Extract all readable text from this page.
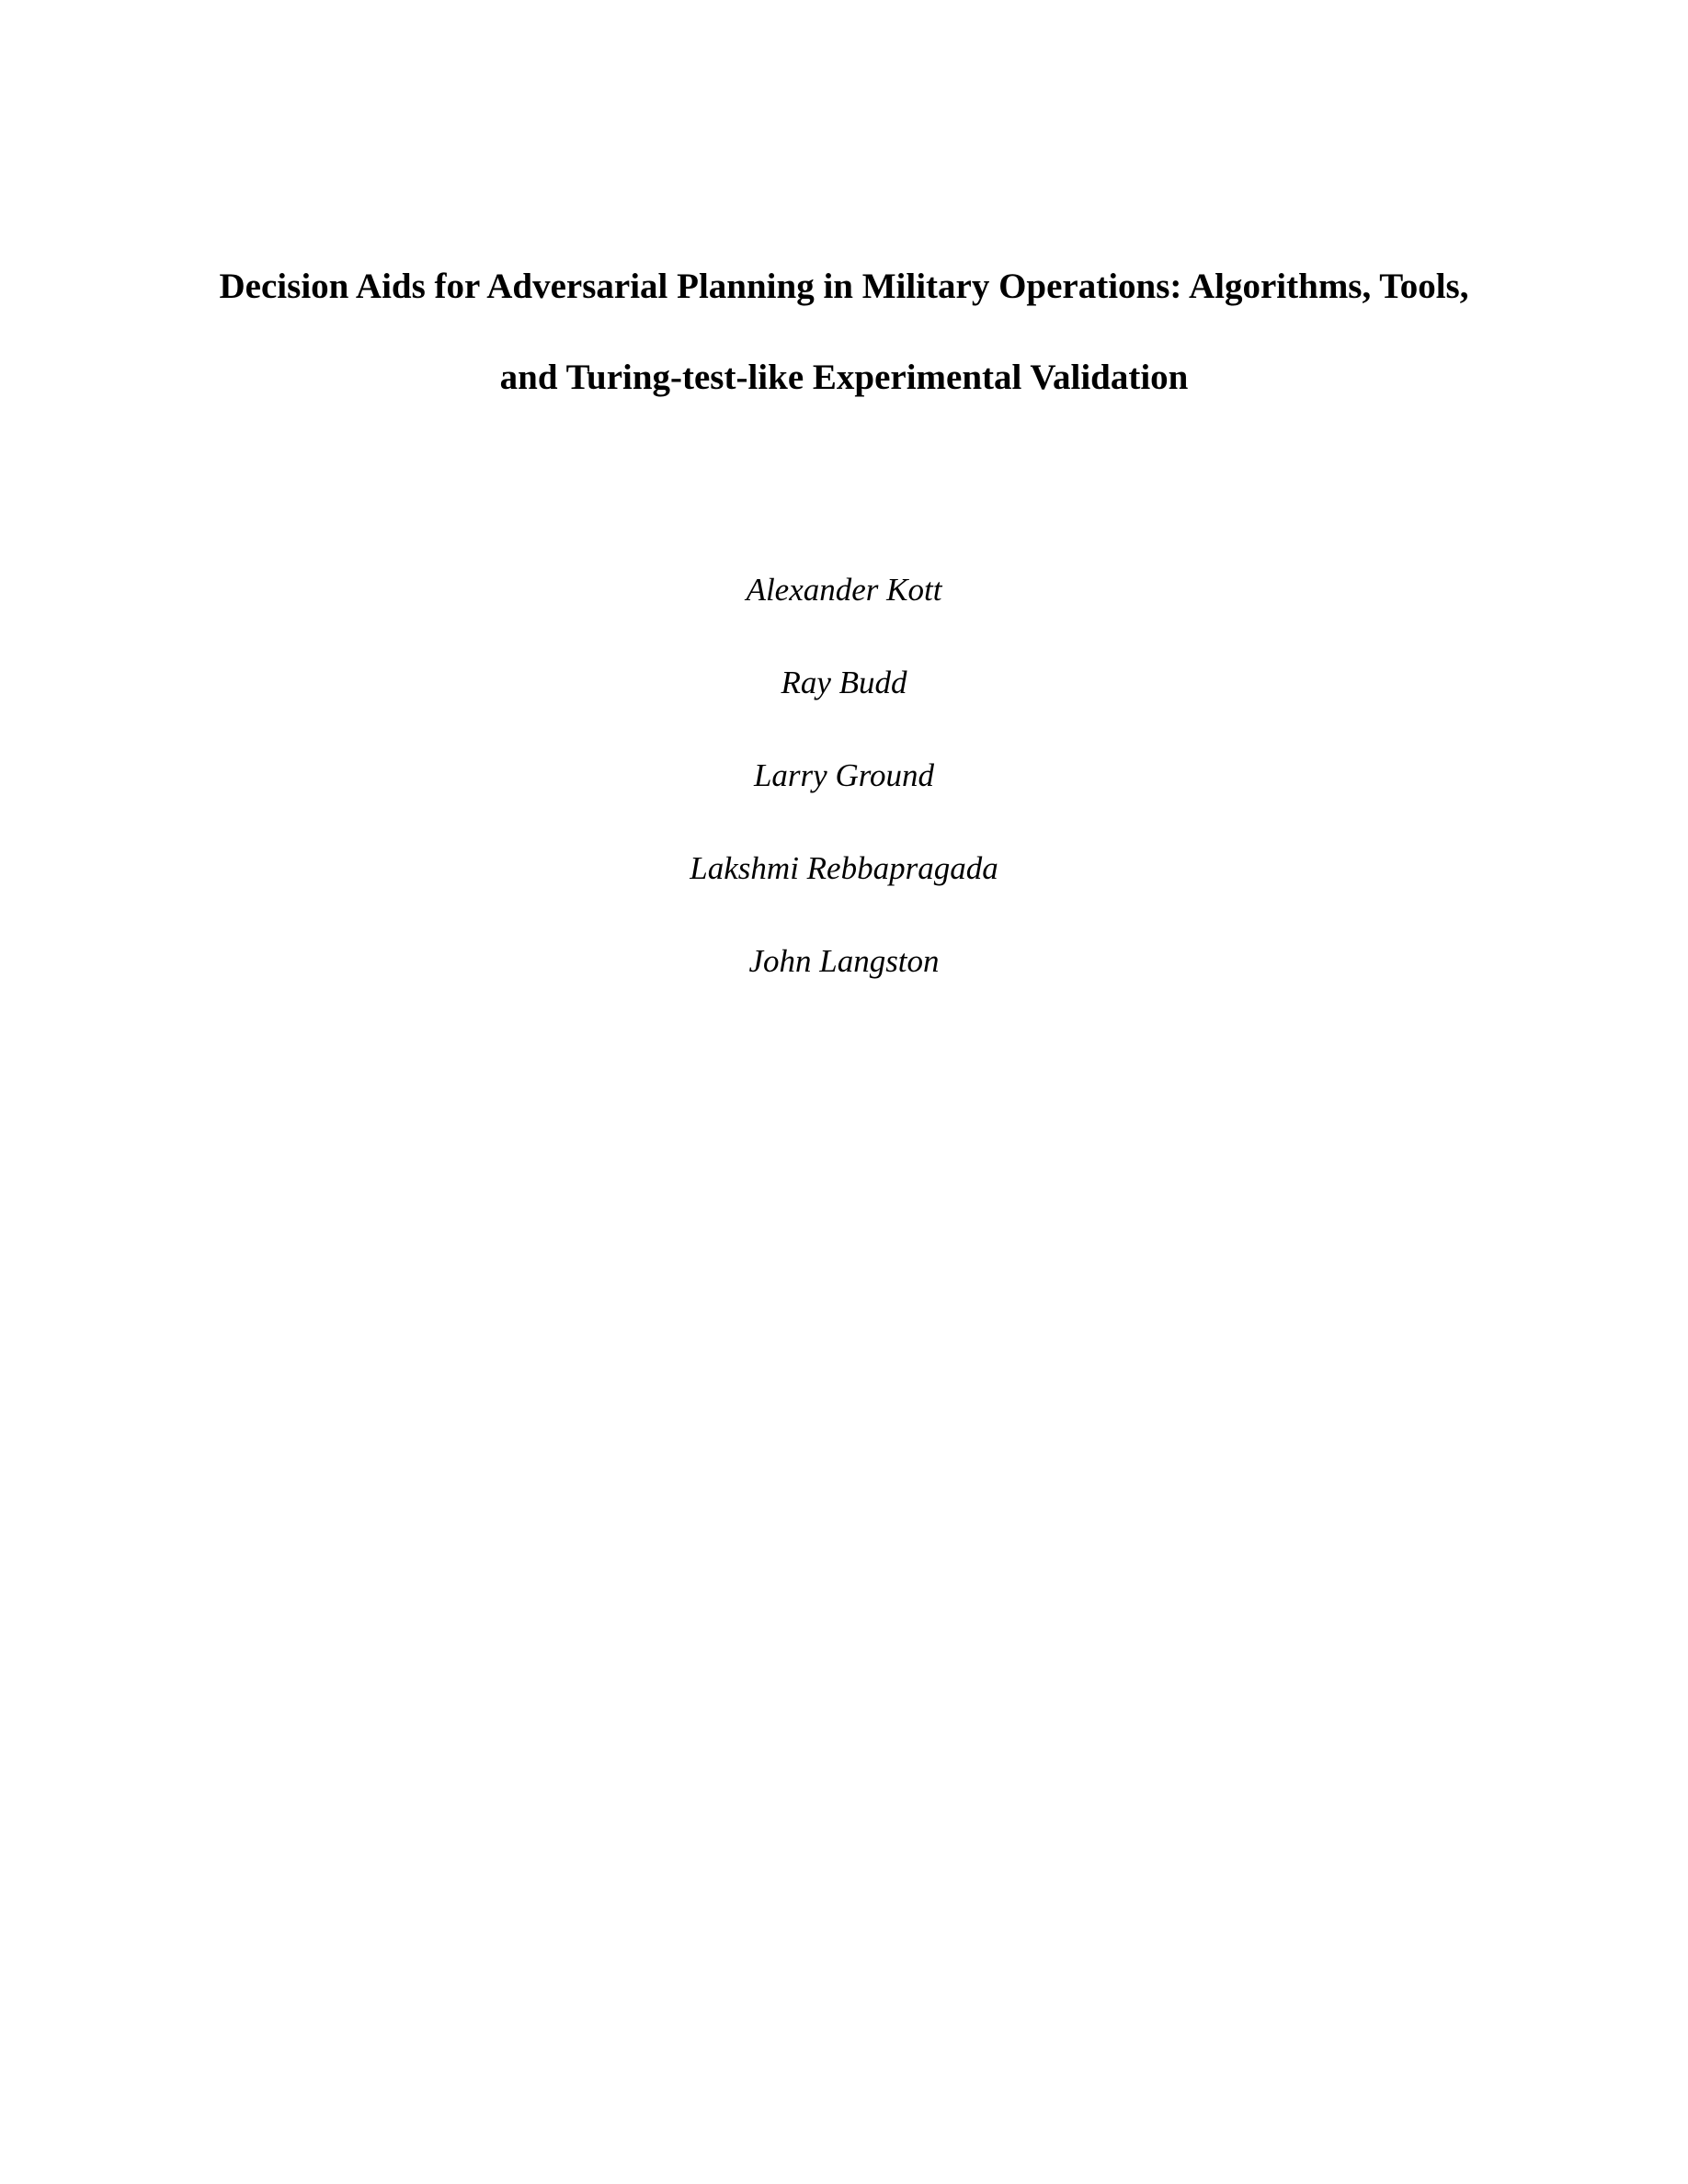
Decision Aids for Adversarial Planning in Military Operations: Algorithms, Tools,
and Turing-test-like Experimental Validation
Alexander Kott
Ray Budd
Larry Ground
Lakshmi Rebbapragada
John Langston
